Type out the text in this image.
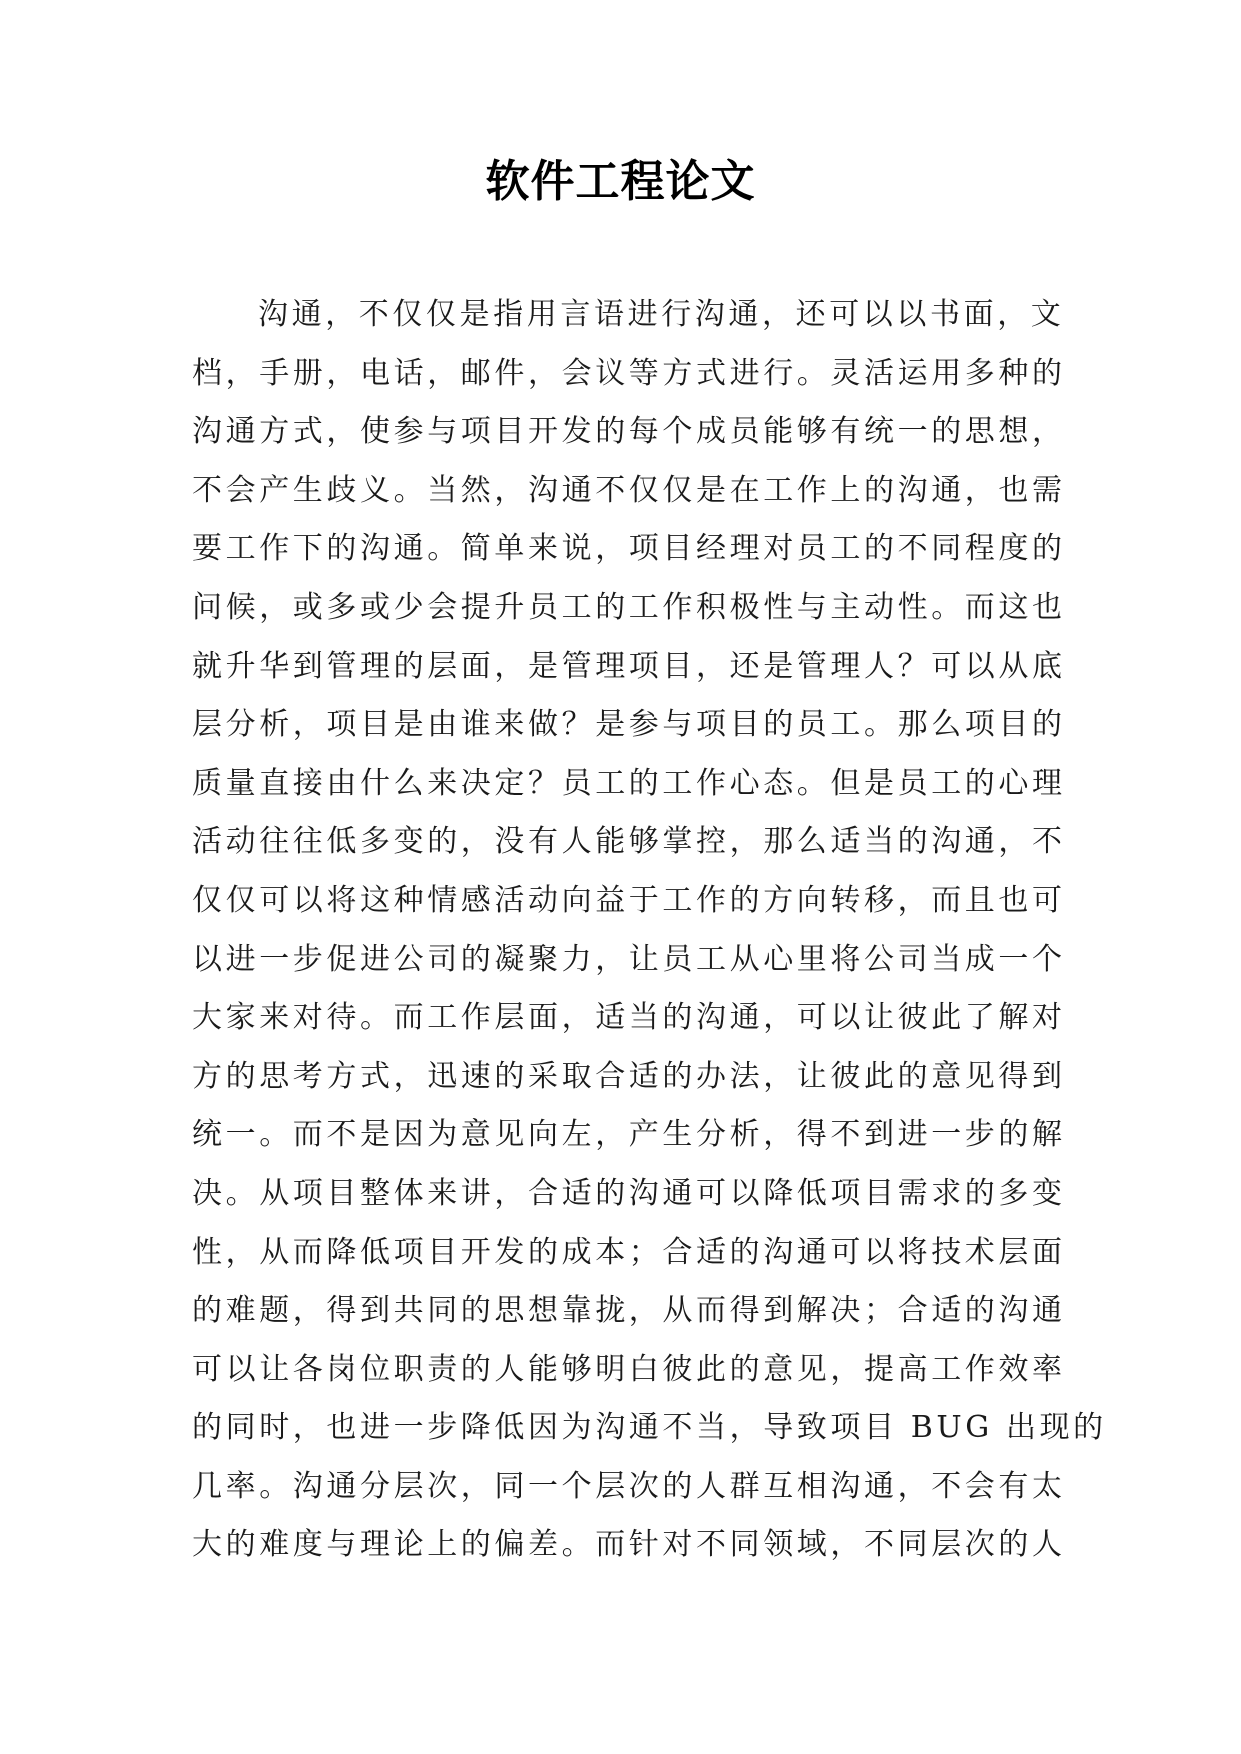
软件工程论文
沟通，不仅仅是指用言语进行沟通，还可以以书面，文
档，手册，电话，邮件，会议等方式进行。灵活运用多种的
沟通方式，使参与项目开发的每个成员能够有统一的思想，
不会产生歧义。当然，沟通不仅仅是在工作上的沟通，也需
要工作下的沟通。简单来说，项目经理对员工的不同程度的
问候，或多或少会提升员工的工作积极性与主动性。而这也
就升华到管理的层面，是管理项目，还是管理人？可以从底
层分析，项目是由谁来做？是参与项目的员工。那么项目的
质量直接由什么来决定？员工的工作心态。但是员工的心理
活动往往低多变的，没有人能够掌控，那么适当的沟通，不
仅仅可以将这种情感活动向益于工作的方向转移，而且也可
以进一步促进公司的凝聚力，让员工从心里将公司当成一个
大家来对待。而工作层面，适当的沟通，可以让彼此了解对
方的思考方式，迅速的采取合适的办法，让彼此的意见得到
统一。而不是因为意见向左，产生分析，得不到进一步的解
决。从项目整体来讲，合适的沟通可以降低项目需求的多变
性，从而降低项目开发的成本；合适的沟通可以将技术层面
的难题，得到共同的思想靠拢，从而得到解决；合适的沟通
可以让各岗位职责的人能够明白彼此的意见，提高工作效率
的同时，也进一步降低因为沟通不当，导致项目 BUG 出现的
几率。沟通分层次，同一个层次的人群互相沟通，不会有太
大的难度与理论上的偏差。而针对不同领域，不同层次的人
